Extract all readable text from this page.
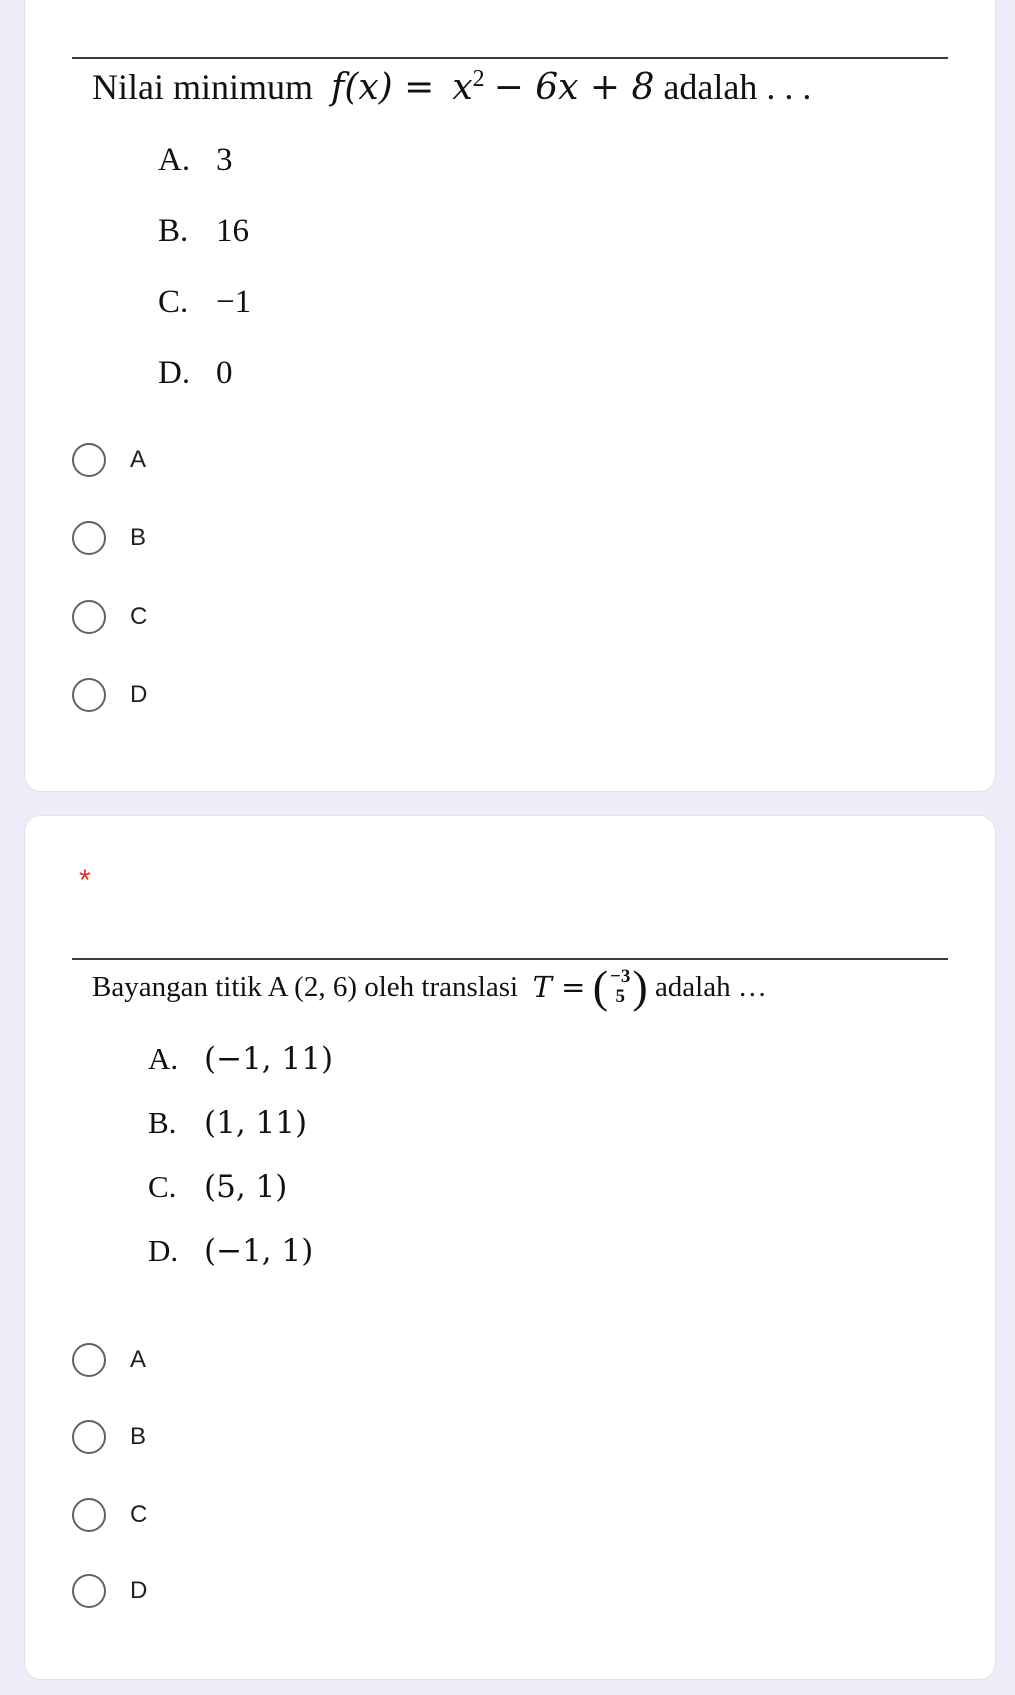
Nilai minimum $f(x) = x^2 - 6x + 8$ adalah . . .
A. 3
B. 16
C. −1
D. 0
A
B
C
D
*
Bayangan titik A (2, 6) oleh translasi
T =
( −3
5 )
adalah …
A. (−1, 11)
B. (1, 11)
C. (5, 1)
D. (−1, 1)
A
B
C
D
